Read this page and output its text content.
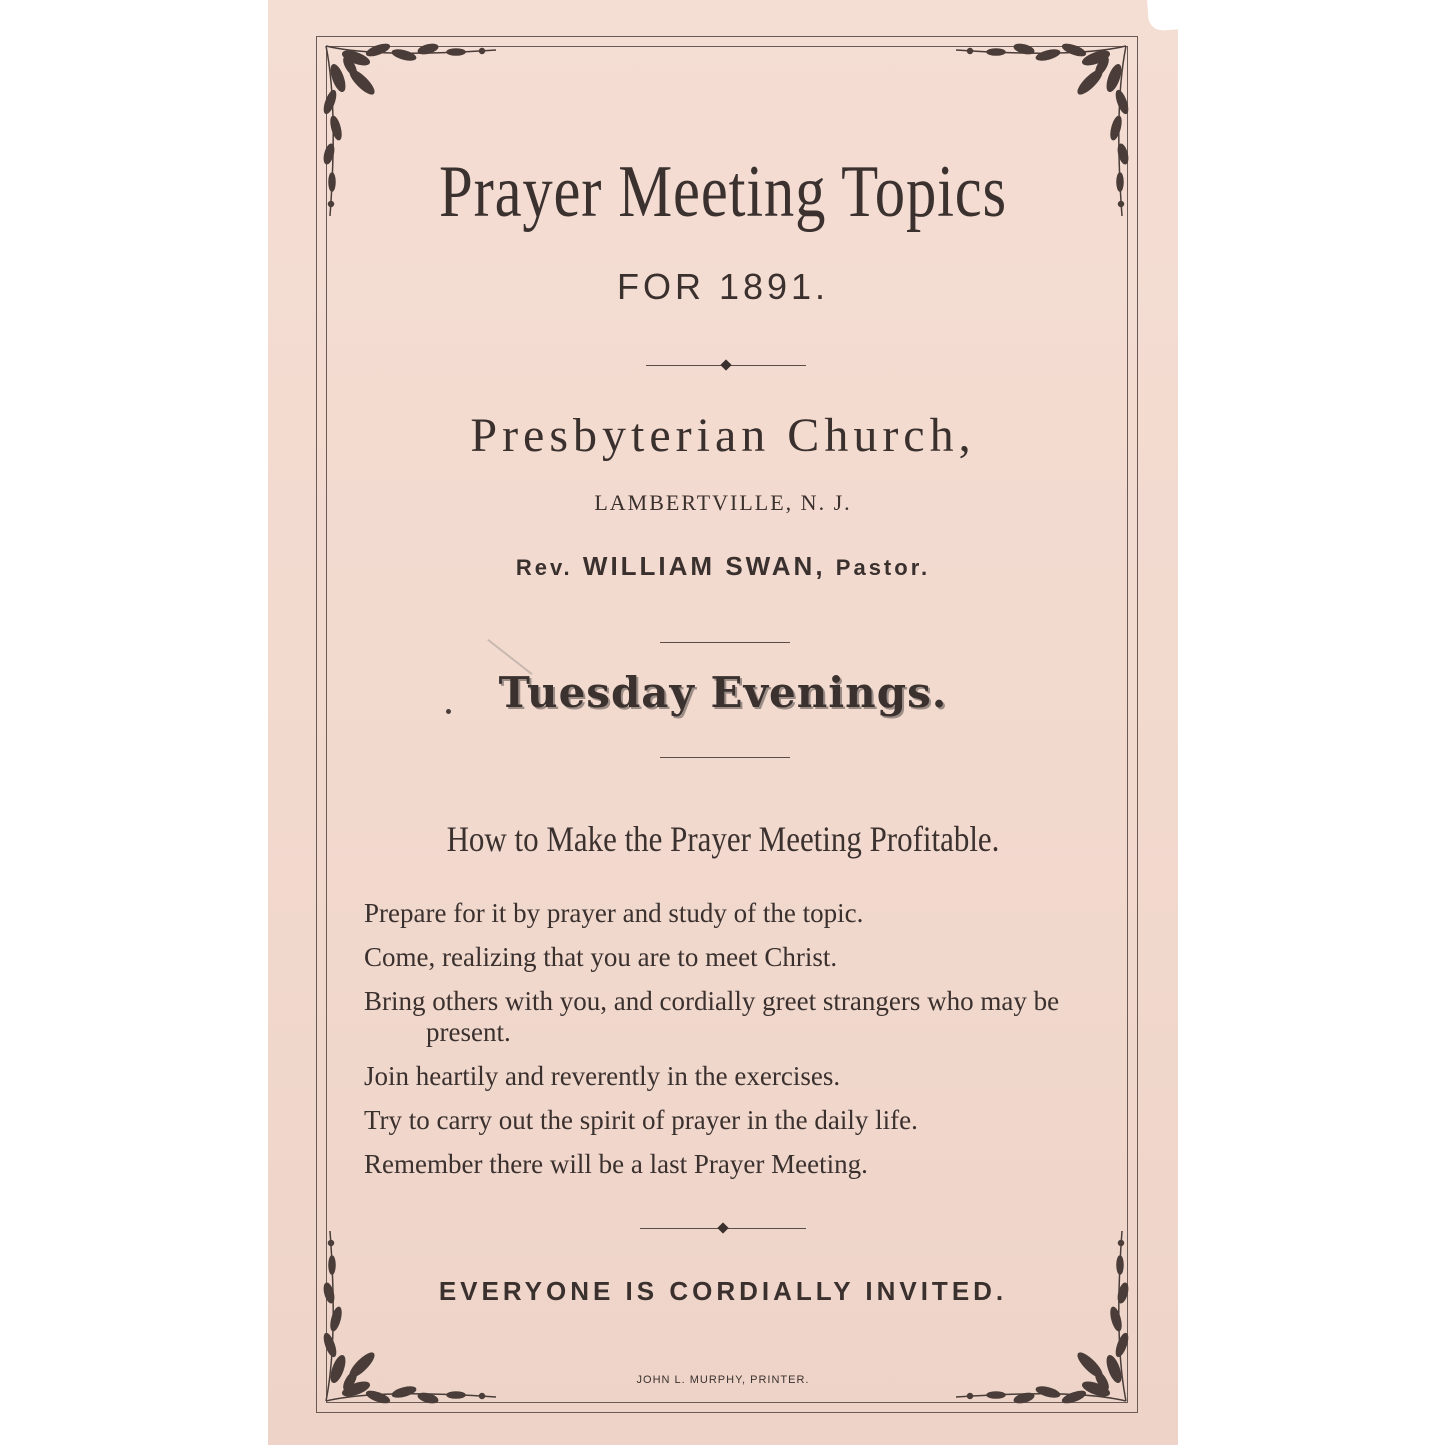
Prayer Meeting Topics
FOR 1891.
Presbyterian Church,
LAMBERTVILLE, N. J.
Rev. WILLIAM SWAN, Pastor.
Tuesday Evenings.
How to Make the Prayer Meeting Profitable.
Prepare for it by prayer and study of the topic.
Come, realizing that you are to meet Christ.
Bring others with you, and cordially greet strangers who may be present.
Join heartily and reverently in the exercises.
Try to carry out the spirit of prayer in the daily life.
Remember there will be a last Prayer Meeting.
EVERYONE IS CORDIALLY INVITED.
JOHN L. MURPHY, PRINTER.
